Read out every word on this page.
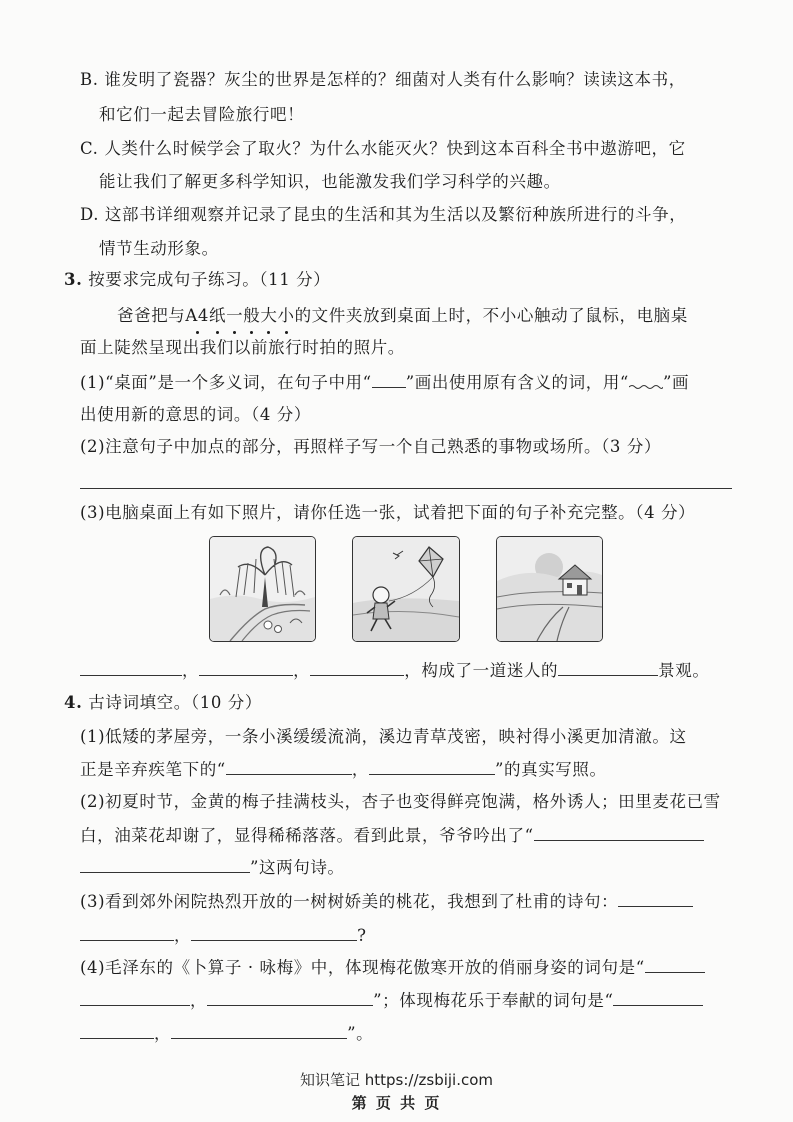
B. 谁发明了瓷器？灰尘的世界是怎样的？细菌对人类有什么影响？读读这本书，
和它们一起去冒险旅行吧！
C. 人类什么时候学会了取火？为什么水能灭火？快到这本百科全书中遨游吧，它
能让我们了解更多科学知识，也能激发我们学习科学的兴趣。
D. 这部书详细观察并记录了昆虫的生活和其为生活以及繁衍种族所进行的斗争，
情节生动形象。
3. 按要求完成句子练习。（11 分）
爸爸把与A4纸一般大小的文件夹放到桌面上时，不小心触动了鼠标，电脑桌
面上陡然呈现出我们以前旅行时拍的照片。
(1)“桌面”是一个多义词，在句子中用“ ”画出使用原有含义的词，用“ ”画
出使用新的意思的词。（4 分）
(2)注意句子中加点的部分，再照样子写一个自己熟悉的事物或场所。（3 分）
(3)电脑桌面上有如下照片，请你任选一张，试着把下面的句子补充完整。（4 分）
，	，	，构成了一道迷人的	景观。
4. 古诗词填空。（10 分）
(1)低矮的茅屋旁，一条小溪缓缓流淌，溪边青草茂密，映衬得小溪更加清澈。这
正是辛弃疾笔下的“	，	”的真实写照。
(2)初夏时节，金黄的梅子挂满枝头，杏子也变得鲜亮饱满，格外诱人；田里麦花已雪
白，油菜花却谢了，显得稀稀落落。看到此景，爷爷吟出了“
”这两句诗。
(3)看到郊外闲院热烈开放的一树树娇美的桃花，我想到了杜甫的诗句：
，	?
(4)毛泽东的《卜算子 · 咏梅》中，体现梅花傲寒开放的俏丽身姿的词句是“
，	”；体现梅花乐于奉献的词句是“
，	”。
知识笔记 https://zsbiji.com
第 页 共 页
